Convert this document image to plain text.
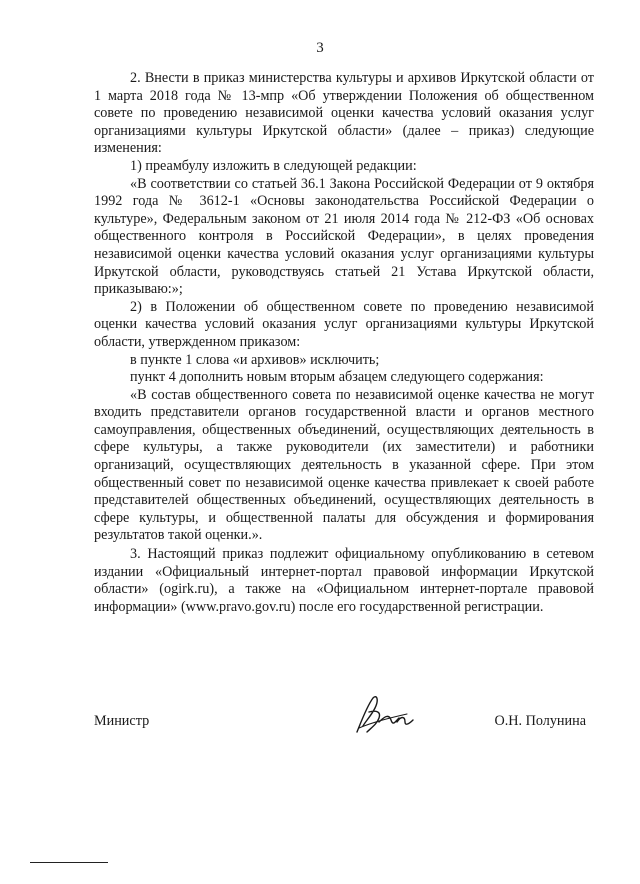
3

2. Внести в приказ министерства культуры и архивов Иркутской области от 1 марта 2018 года № 13-мпр «Об утверждении Положения об общественном совете по проведению независимой оценки качества условий оказания услуг организациями культуры Иркутской области» (далее – приказ) следующие изменения:

1) преамбулу изложить в следующей редакции:

«В соответствии со статьей 36.1 Закона Российской Федерации от 9 октября 1992 года № 3612-1 «Основы законодательства Российской Федерации о культуре», Федеральным законом от 21 июля 2014 года № 212-ФЗ «Об основах общественного контроля в Российской Федерации», в целях проведения независимой оценки качества условий оказания услуг организациями культуры Иркутской области, руководствуясь статьей 21 Устава Иркутской области, приказываю:»;

2) в Положении об общественном совете по проведению независимой оценки качества условий оказания услуг организациями культуры Иркутской области, утвержденном приказом:

в пункте 1 слова «и архивов» исключить;

пункт 4 дополнить новым вторым абзацем следующего содержания:

«В состав общественного совета по независимой оценке качества не могут входить представители органов государственной власти и органов местного самоуправления, общественных объединений, осуществляющих деятельность в сфере культуры, а также руководители (их заместители) и работники организаций, осуществляющих деятельность в указанной сфере. При этом общественный совет по независимой оценке качества привлекает к своей работе представителей общественных объединений, осуществляющих деятельность в сфере культуры, и общественной палаты для обсуждения и формирования результатов такой оценки.».

3. Настоящий приказ подлежит официальному опубликованию в сетевом издании «Официальный интернет-портал правовой информации Иркутской области» (ogirk.ru), а также на «Официальном интернет-портале правовой информации» (www.pravo.gov.ru) после его государственной регистрации.

Министр	О.Н. Полунина
